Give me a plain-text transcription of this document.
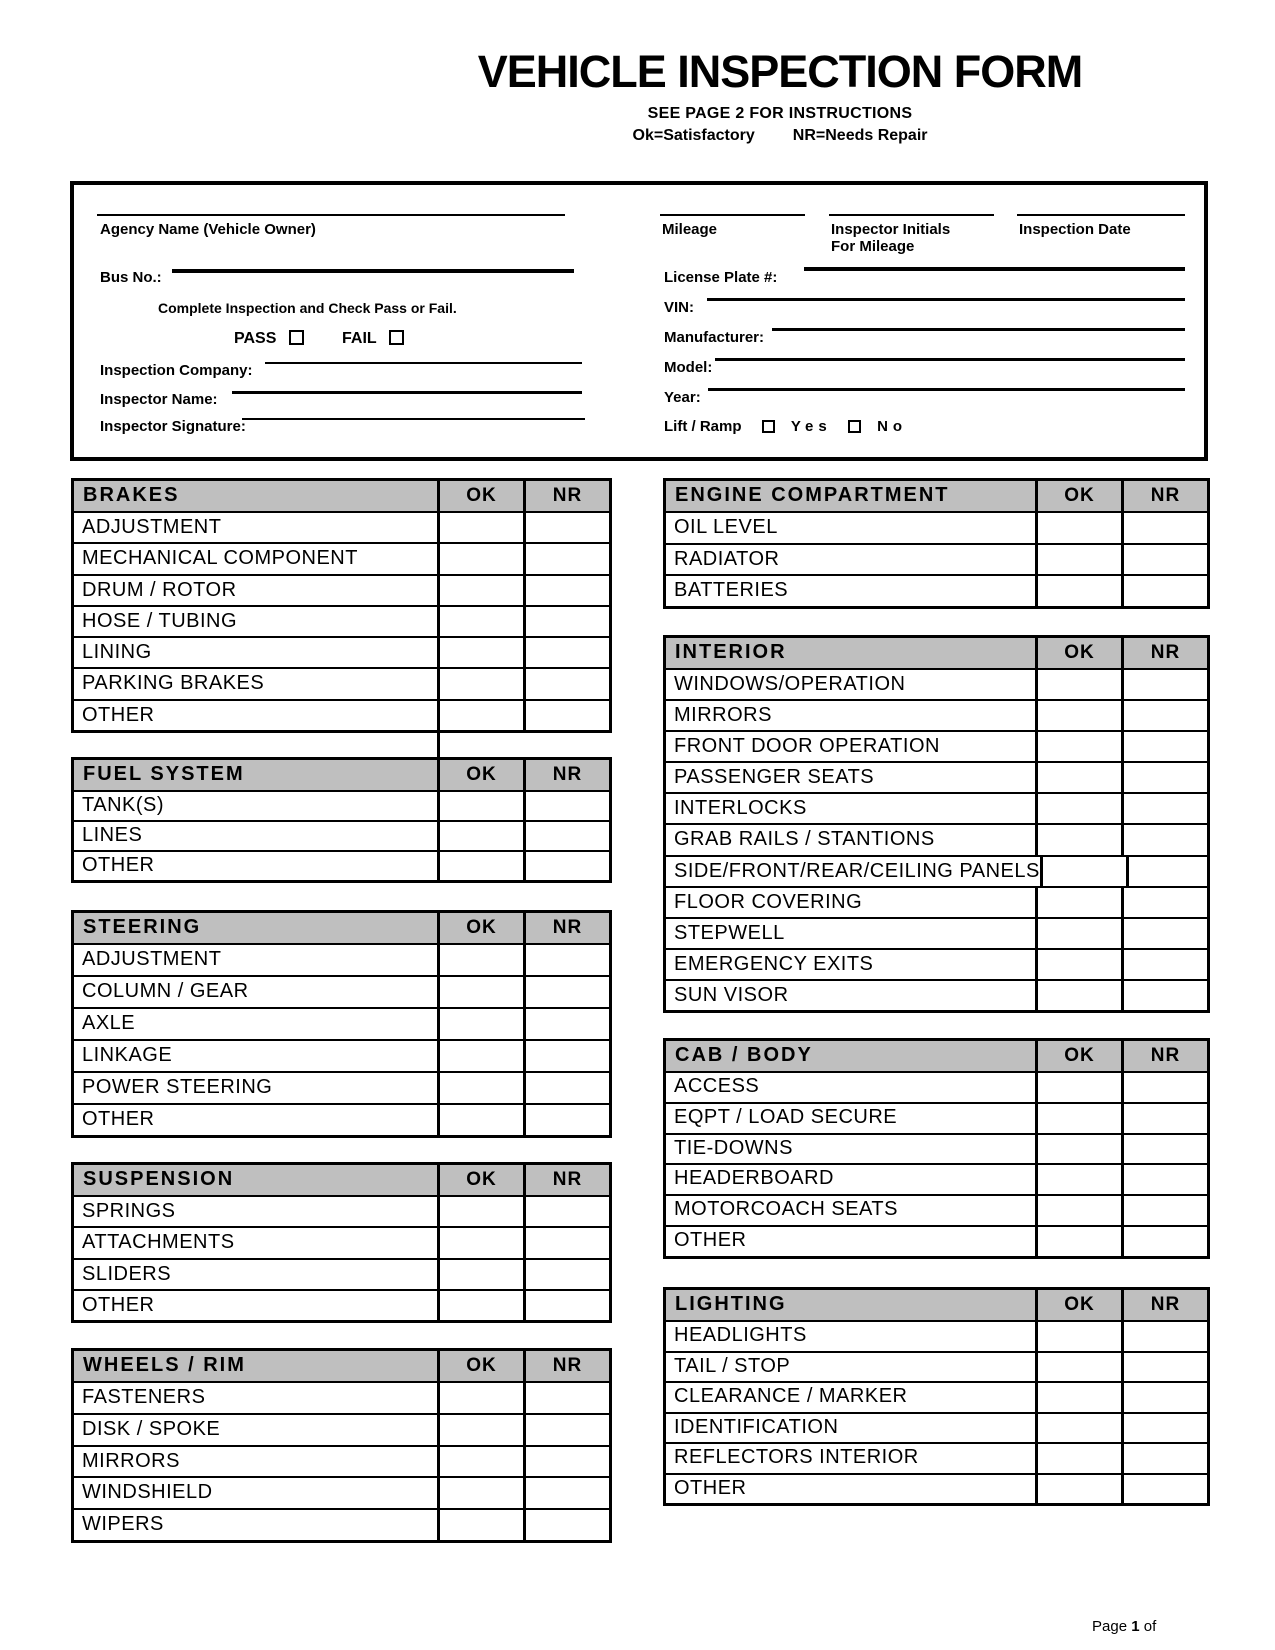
VEHICLE INSPECTION FORM
SEE PAGE 2 FOR INSTRUCTIONS
Ok=Satisfactory NR=Needs Repair
Agency Name (Vehicle Owner)
Bus No.:
Complete Inspection and Check Pass or Fail.
PASS	FAIL
Inspection Company:
Inspector Name:
Inspector Signature:
Mileage	Inspector Initials
For Mileage
Inspection Date
License Plate #:
VIN:
Manufacturer:
Model:
Year:
Lift / Ramp	Yes	No
BRAKES	OK	NR
ADJUSTMENT
MECHANICAL COMPONENT
DRUM / ROTOR
HOSE / TUBING
LINING
PARKING BRAKES
OTHER
FUEL SYSTEM	OK	NR
TANK(S)
LINES
OTHER
STEERING	OK	NR
ADJUSTMENT
COLUMN / GEAR
AXLE
LINKAGE
POWER STEERING
OTHER
SUSPENSION	OK	NR
SPRINGS
ATTACHMENTS
SLIDERS
OTHER
WHEELS / RIM	OK	NR
FASTENERS
DISK / SPOKE
MIRRORS
WINDSHIELD
WIPERS
ENGINE COMPARTMENT	OK	NR
OIL LEVEL
RADIATOR
BATTERIES
INTERIOR	OK	NR
WINDOWS/OPERATION
MIRRORS
FRONT DOOR OPERATION
PASSENGER SEATS
INTERLOCKS
GRAB RAILS / STANTIONS
SIDE/FRONT/REAR/CEILING PANELS
FLOOR COVERING
STEPWELL
EMERGENCY EXITS
SUN VISOR
CAB / BODY	OK	NR
ACCESS
EQPT / LOAD SECURE
TIE-DOWNS
HEADERBOARD
MOTORCOACH SEATS
OTHER
LIGHTING	OK	NR
HEADLIGHTS
TAIL / STOP
CLEARANCE / MARKER
IDENTIFICATION
REFLECTORS INTERIOR
OTHER
Page 1 of
